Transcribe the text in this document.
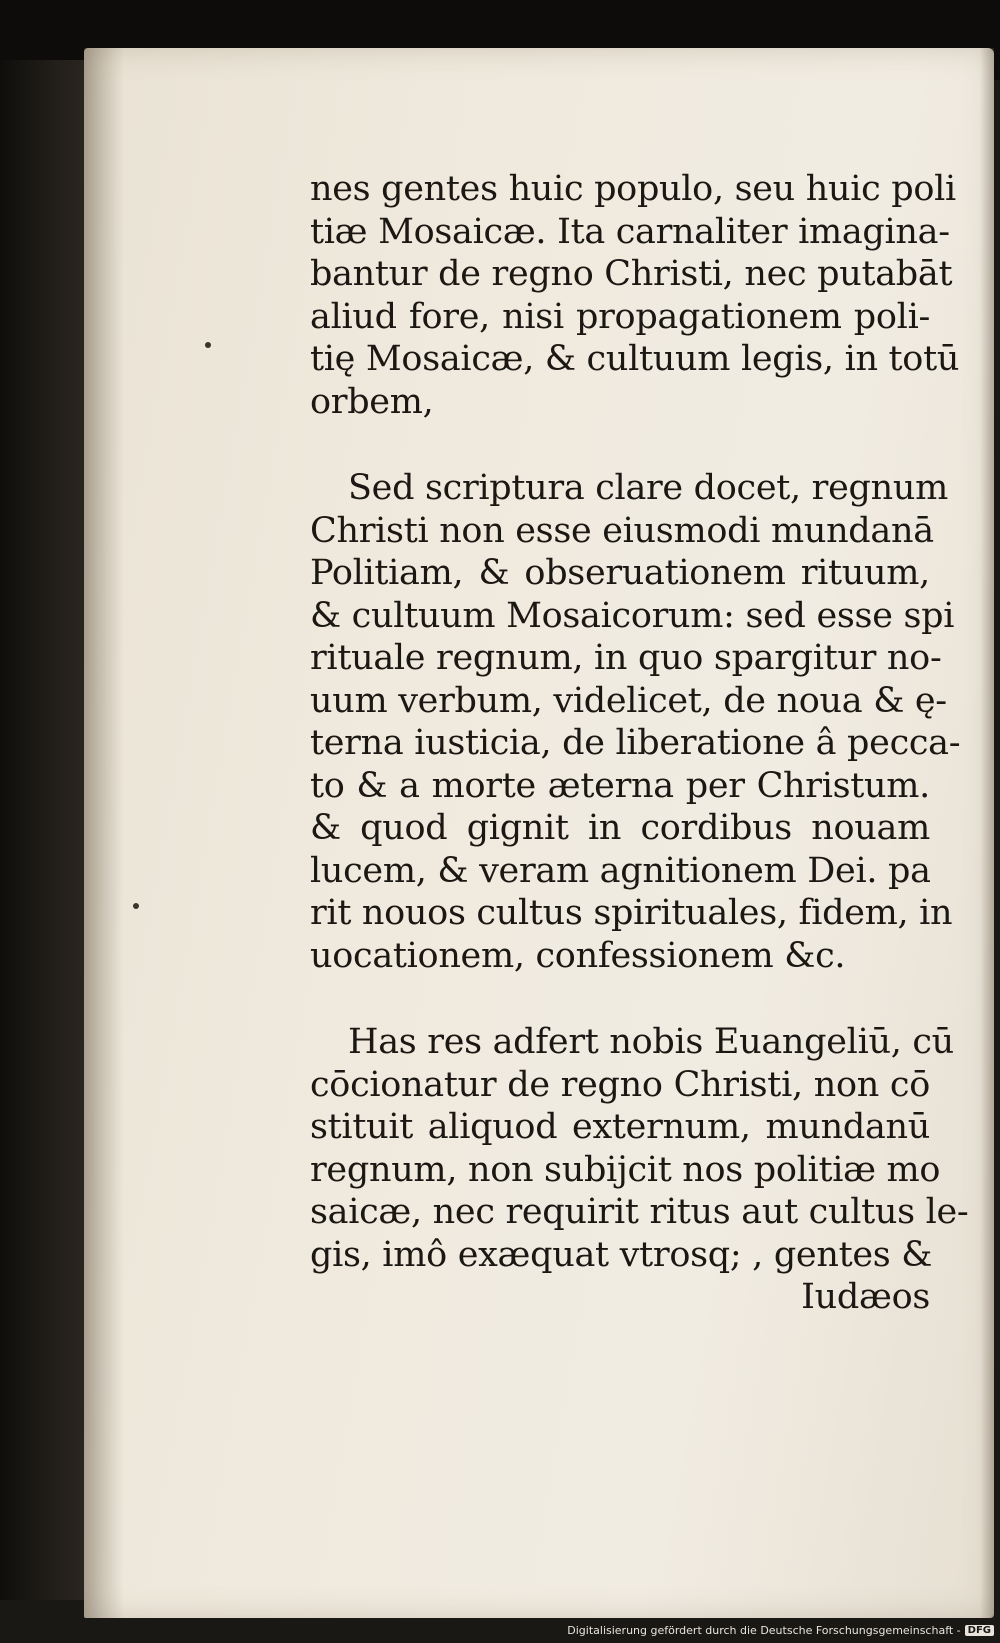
nes gentes huic populo, seu huic poli
tiæ Mosaicæ. Ita carnaliter imagina-
bantur de regno Christi, nec putabāt
aliud fore, nisi propagationem poli-
tię Mosaicæ, & cultuum legis, in totū
orbem,
Sed scriptura clare docet, regnum
Christi non esse eiusmodi mundanā
Politiam, & obseruationem rituum,
& cultuum Mosaicorum: sed esse spi
rituale regnum, in quo spargitur no-
uum verbum, videlicet, de noua & ę-
terna iusticia, de liberatione â pecca-
to & a morte æterna per Christum.
& quod gignit in cordibus nouam
lucem, & veram agnitionem Dei. pa
rit nouos cultus spirituales, fidem, in
uocationem, confessionem &c.
Has res adfert nobis Euangeliū, cū
cōcionatur de regno Christi, non cō
stituit aliquod externum, mundanū
regnum, non subijcit nos politiæ mo
saicæ, nec requirit ritus aut cultus le-
gis, imô exæquat vtrosq; , gentes &
Iudæos
Digitalisierung gefördert durch die Deutsche Forschungsgemeinschaft - DFG
